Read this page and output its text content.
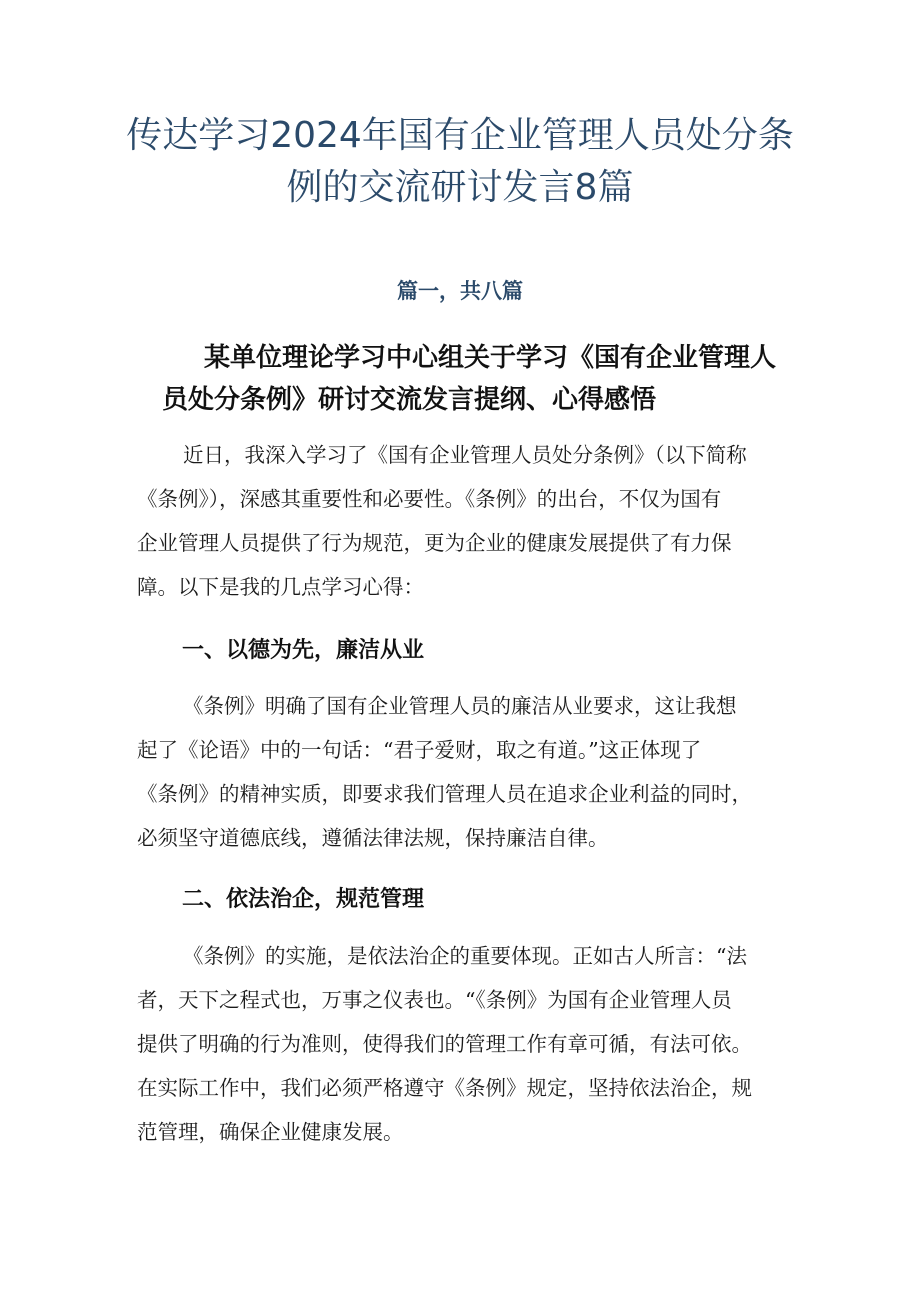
传达学习2024年国有企业管理人员处分条
例的交流研讨发言8篇
篇一，共八篇
某单位理论学习中心组关于学习《国有企业管理人
员处分条例》研讨交流发言提纲、心得感悟
近日，我深入学习了《国有企业管理人员处分条例》（以下简称
《条例》），深感其重要性和必要性。《条例》的出台，不仅为国有
企业管理人员提供了行为规范，更为企业的健康发展提供了有力保
障。以下是我的几点学习心得：
一、以德为先，廉洁从业
《条例》明确了国有企业管理人员的廉洁从业要求，这让我想
起了《论语》中的一句话：“君子爱财，取之有道。”这正体现了
《条例》的精神实质，即要求我们管理人员在追求企业利益的同时，
必须坚守道德底线，遵循法律法规，保持廉洁自律。
二、依法治企，规范管理
《条例》的实施，是依法治企的重要体现。正如古人所言：“法
者，天下之程式也，万事之仪表也。“《条例》为国有企业管理人员
提供了明确的行为准则，使得我们的管理工作有章可循，有法可依。
在实际工作中，我们必须严格遵守《条例》规定，坚持依法治企，规
范管理，确保企业健康发展。
